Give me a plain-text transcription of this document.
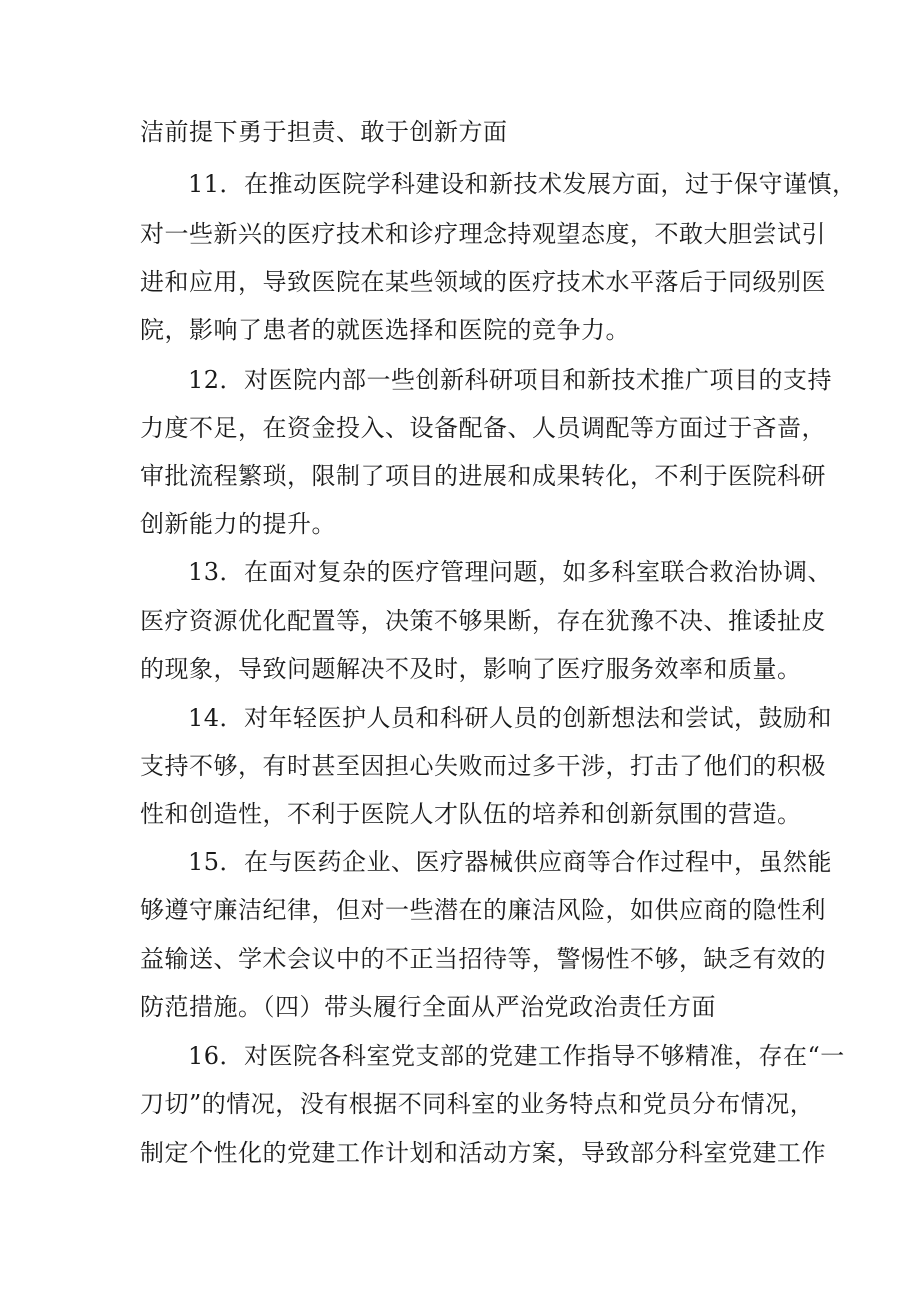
洁前提下勇于担责、敢于创新方面
11．在推动医院学科建设和新技术发展方面，过于保守谨慎，
对一些新兴的医疗技术和诊疗理念持观望态度，不敢大胆尝试引
进和应用，导致医院在某些领域的医疗技术水平落后于同级别医
院，影响了患者的就医选择和医院的竞争力。
12．对医院内部一些创新科研项目和新技术推广项目的支持
力度不足，在资金投入、设备配备、人员调配等方面过于吝啬，
审批流程繁琐，限制了项目的进展和成果转化，不利于医院科研
创新能力的提升。
13．在面对复杂的医疗管理问题，如多科室联合救治协调、
医疗资源优化配置等，决策不够果断，存在犹豫不决、推诿扯皮
的现象，导致问题解决不及时，影响了医疗服务效率和质量。
14．对年轻医护人员和科研人员的创新想法和尝试，鼓励和
支持不够，有时甚至因担心失败而过多干涉，打击了他们的积极
性和创造性，不利于医院人才队伍的培养和创新氛围的营造。
15．在与医药企业、医疗器械供应商等合作过程中，虽然能
够遵守廉洁纪律，但对一些潜在的廉洁风险，如供应商的隐性利
益输送、学术会议中的不正当招待等，警惕性不够，缺乏有效的
防范措施。（四）带头履行全面从严治党政治责任方面
16．对医院各科室党支部的党建工作指导不够精准，存在“一
刀切”的情况，没有根据不同科室的业务特点和党员分布情况，
制定个性化的党建工作计划和活动方案，导致部分科室党建工作
